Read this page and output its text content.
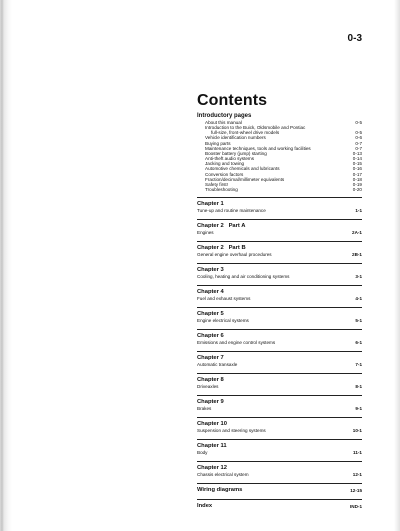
0-3
Contents
Introductory pages
About this manual	0-5
Introduction to the Buick, Oldsmobile and Pontiac
full-size, front-wheel drive models	0-5
Vehicle identification numbers	0-6
Buying parts	0-7
Maintenance techniques, tools and working facilities	0-7
Booster battery (jump) starting	0-13
Anti-theft audio systems	0-14
Jacking and towing	0-15
Automotive chemicals and lubricants	0-16
Conversion factors	0-17
Fraction/decimal/millimeter equivalents	0-18
Safety first!	0-19
Troubleshooting	0-20
Chapter 1
Tune-up and routine maintenance	1-1
Chapter 2   Part A
Engines	2A-1
Chapter 2   Part B
General engine overhaul procedures	2B-1
Chapter 3
Cooling, heating and air conditioning systems	3-1
Chapter 4
Fuel and exhaust systems	4-1
Chapter 5
Engine electrical systems	5-1
Chapter 6
Emissions and engine control systems	6-1
Chapter 7
Automatic transaxle	7-1
Chapter 8
Driveaxles	8-1
Chapter 9
Brakes	9-1
Chapter 10
Suspension and steering systems	10-1
Chapter 11
Body	11-1
Chapter 12
Chassis electrical system	12-1
Wiring diagrams	12-15
Index	IND-1
